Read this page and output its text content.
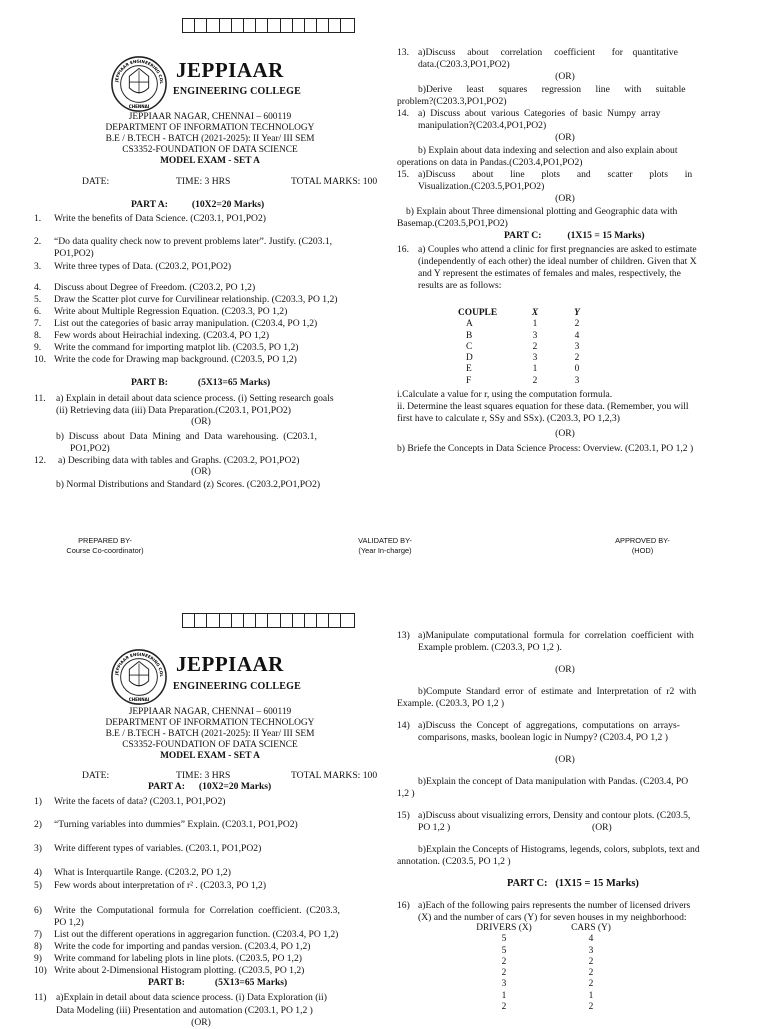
JEPPIAAR ENGINEERING COL
CHENNAI
JEPPIAAR
ENGINEERING COLLEGE
JEPPIAAR NAGAR, CHENNAI – 600119
DEPARTMENT OF INFORMATION TECHNOLOGY
B.E / B.TECH - BATCH (2021-2025): II Year/ III SEM
CS3352-FOUNDATION OF DATA SCIENCE
MODEL EXAM - SET A
DATE:	TIME: 3 HRS	TOTAL MARKS: 100
PART A:	(10X2=20 Marks)
1. Write the benefits of Data Science. (C203.1, PO1,PO2)
2. “Do data quality check now to prevent problems later”. Justify. (C203.1,
PO1,PO2)
3. Write three types of Data. (C203.2, PO1,PO2)
4. Discuss about Degree of Freedom. (C203.2, PO 1,2)
5. Draw the Scatter plot curve for Curvilinear relationship. (C203.3, PO 1,2)
6. Write about Multiple Regression Equation. (C203.3, PO 1,2)
7. List out the categories of basic array manipulation. (C203.4, PO 1,2)
8. Few words about Heirachial indexing. (C203.4, PO 1,2)
9. Write the command for importing matplot lib. (C203.5, PO 1,2)
10. Write the code for Drawing map background. (C203.5, PO 1,2)
PART B:	(5X13=65 Marks)
11. a) Explain in detail about data science process. (i) Setting research goals
(ii) Retrieving data (iii) Data Preparation.(C203.1, PO1,PO2)
(OR)
b)  Discuss  about  Data  Mining  and  Data  warehousing.  (C203.1,
PO1,PO2)
12. a) Describing data with tables and Graphs. (C203.2, PO1,PO2)
(OR)
b) Normal Distributions and Standard (z) Scores. (C203.2,PO1,PO2)
13. a)Discuss     about     correlation     coefficient       for    quantitative
data.(C203.3,PO1,PO2)
(OR)
b)Derive      least      squares      regression      line      with      suitable
problem?(C203.3,PO1,PO2)
14. a)  Discuss  about  various  Categories  of  basic  Numpy  array
manipulation?(C203.4,PO1,PO2)
(OR)
b) Explain about data indexing and selection and also explain about
operations on data in Pandas.(C203.4,PO1,PO2)
15. a)Discuss       about       line       plots       and       scatter       plots       in
Visualization.(C203.5,PO1,PO2)
(OR)
b) Explain about Three dimensional plotting and Geographic data with
Basemap.(C203.5,PO1,PO2)
PART C:	(1X15 = 15 Marks)
16. a) Couples who attend a clinic for first pregnancies are asked to estimate
(independently of each other) the ideal number of children. Given that X
and Y represent the estimates of females and males, respectively, the
results are as follows:
COUPLE	X	Y
A	1	2
B	3	4
C	2	3
D	3	2
E	1	0
F	2	3
i.Calculate a value for r, using the computation formula.
ii. Determine the least squares equation for these data. (Remember, you will
first have to calculate r, SSy and SSx). (C203.3, PO 1,2,3)
(OR)
b) Briefe the Concepts in Data Science Process: Overview. (C203.1, PO 1,2 )
PREPARED BY-
Course Co-coordinator)
VALIDATED BY-
(Year In-charge)
APPROVED BY-
(HOD)
JEPPIAAR ENGINEERING COL
CHENNAI
JEPPIAAR
ENGINEERING COLLEGE
JEPPIAAR NAGAR, CHENNAI – 600119
DEPARTMENT OF INFORMATION TECHNOLOGY
B.E / B.TECH - BATCH (2021-2025): II Year/ III SEM
CS3352-FOUNDATION OF DATA SCIENCE
MODEL EXAM - SET A
DATE:	TIME: 3 HRS	TOTAL MARKS: 100
PART A: (10X2=20 Marks)
1) Write the facets of data? (C203.1, PO1,PO2)
2) “Turning variables into dummies” Explain. (C203.1, PO1,PO2)
3) Write different types of variables. (C203.1, PO1,PO2)
4) What is Interquartile Range. (C203.2, PO 1,2)
5) Few words about interpretation of r² . (C203.3, PO 1,2)
6) Write  the  Computational  formula  for  Correlation  coefficient.  (C203.3,
PO 1,2)
7) List out the different operations in aggregarion function. (C203.4, PO 1,2)
8) Write the code for importing and pandas version. (C203.4, PO 1,2)
9) Write command for labeling plots in line plots. (C203.5, PO 1,2)
10) Write about 2-Dimensional Histogram plotting. (C203.5, PO 1,2)
PART B:	(5X13=65 Marks)
11) a)Explain in detail about data science process. (i) Data Exploration (ii)
Data Modeling (iii) Presentation and automation (C203.1, PO 1,2 )
(OR)
13) a)Manipulate  computational  formula  for  correlation  coefficient  with
Example problem. (C203.3, PO 1,2 ).
(OR)
b)Compute  Standard  error  of  estimate  and  Interpretation  of  r2  with
Example. (C203.3, PO 1,2 )
14) a)Discuss  the  Concept  of  aggregations,  computations  on  arrays-
comparisons, masks, boolean logic in Numpy? (C203.4, PO 1,2 )
(OR)
b)Explain the concept of Data manipulation with Pandas. (C203.4, PO
1,2 )
15) a)Discuss about visualizing errors, Density and contour plots. (C203.5,
PO 1,2 )	(OR)
b)Explain the Concepts of Histograms, legends, colors, subplots, text and
annotation. (C203.5, PO 1,2 )
PART C:   (1X15 = 15 Marks)
16) a)Each of the following pairs represents the number of licensed drivers
(X) and the number of cars (Y) for seven houses in my neighborhood:
DRIVERS (X)	CARS (Y)
5	4
5	3
2	2
2	2
3	2
1	1
2	2
